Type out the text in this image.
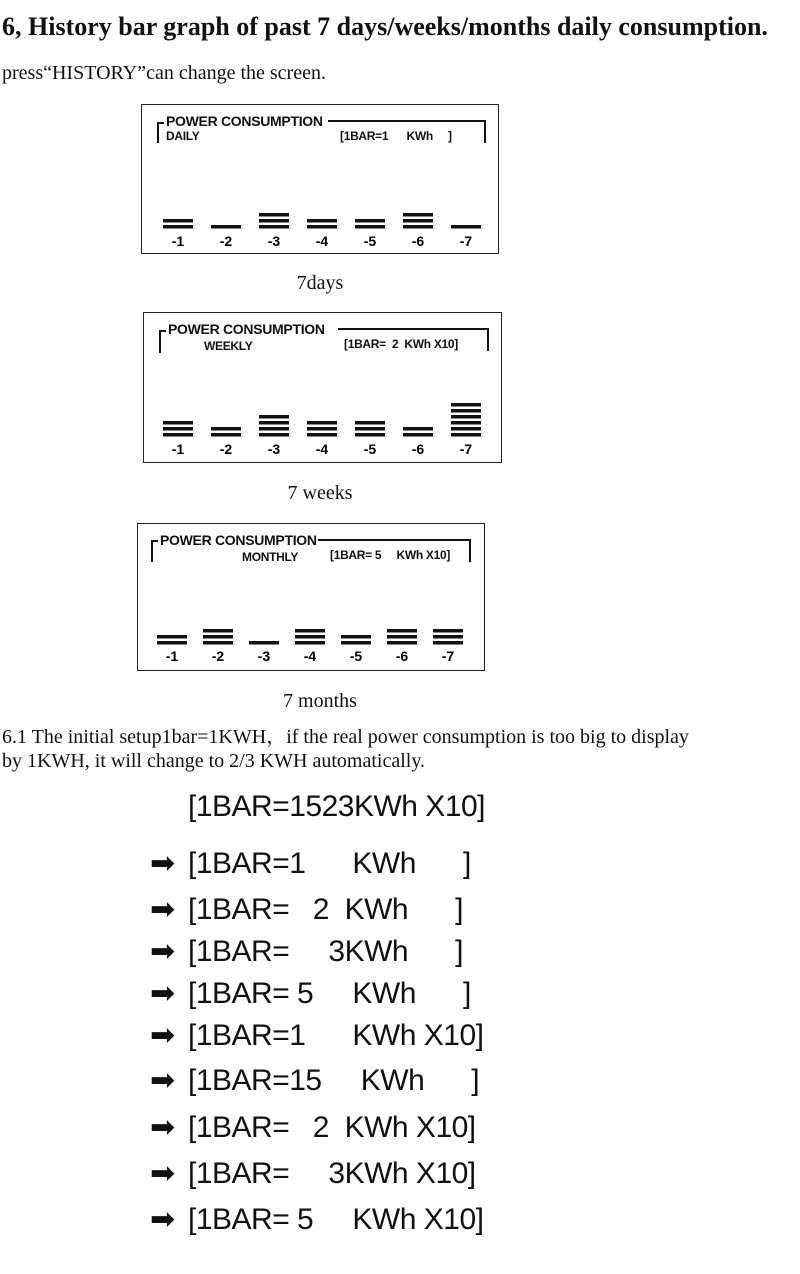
6, History bar graph of past 7 days/weeks/months daily consumption.
press“HISTORY”can change the screen.
POWER CONSUMPTION
DAILY	[1BAR=1      KWh     ]
-1	-2	-3	-4	-5	-6	-7
7days
POWER CONSUMPTION
WEEKLY	[1BAR=  2  KWh X10]
-1	-2	-3	-4	-5	-6	-7
7 weeks
POWER CONSUMPTION
MONTHLY	[1BAR= 5     KWh X10]
-1 -2 -3 -4 -5 -6 -7
7 months
6.1 The initial setup1bar=1KWH，if the real power consumption is too big to display
by 1KWH, it will change to 2/3 KWH automatically.
[1BAR=1523KWh X10]
➡ [1BAR=1      KWh      ]
➡ [1BAR=   2  KWh      ]
➡ [1BAR=     3KWh      ]
➡ [1BAR= 5     KWh      ]
➡ [1BAR=1      KWh X10]
➡ [1BAR=15     KWh      ]
➡ [1BAR=   2  KWh X10]
➡ [1BAR=     3KWh X10]
➡ [1BAR= 5     KWh X10]
